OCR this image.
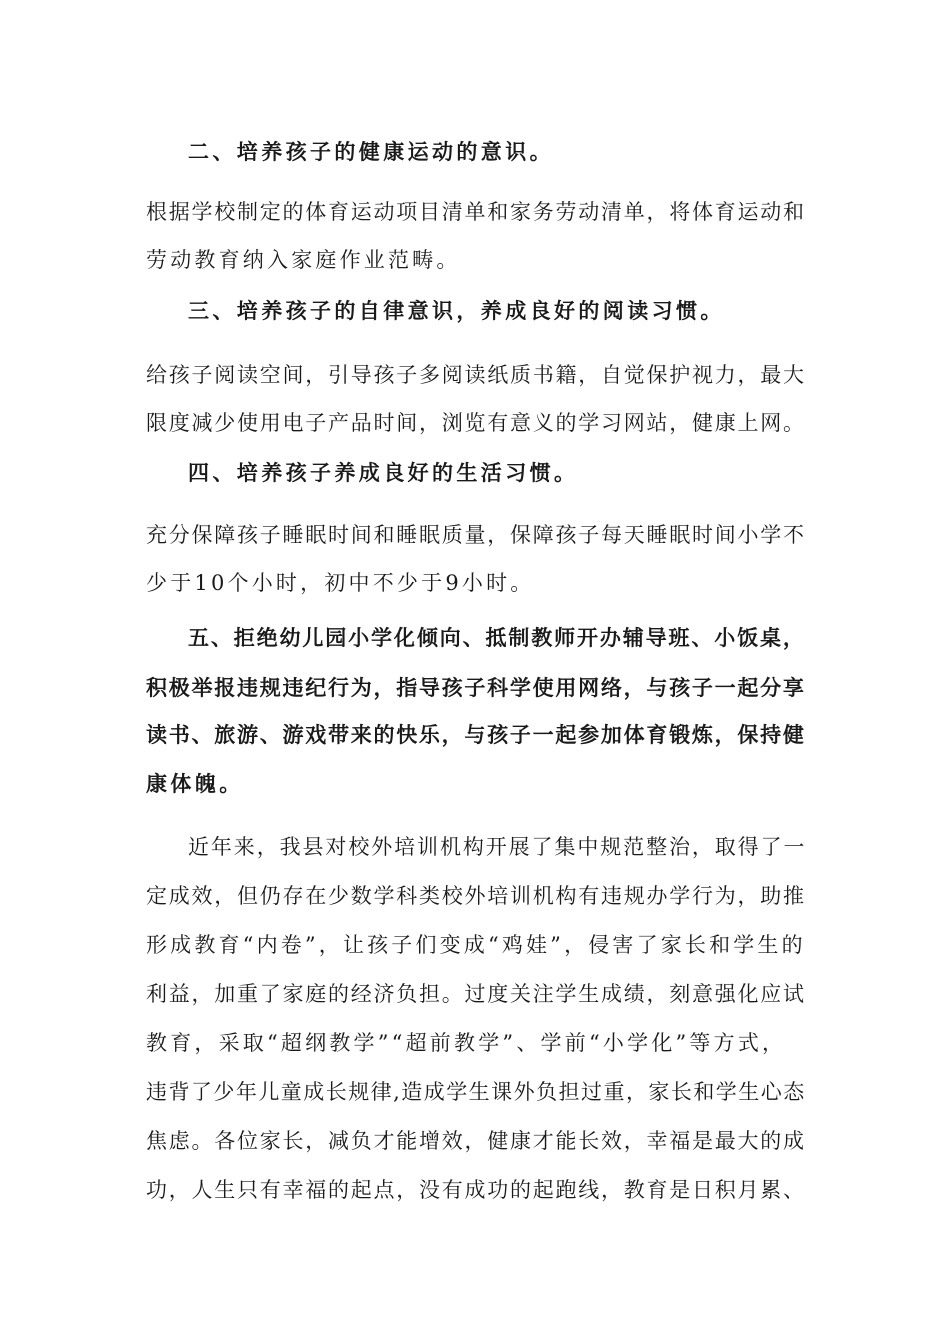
二、培养孩子的健康运动的意识。
根据学校制定的体育运动项目清单和家务劳动清单，将体育运动和
劳动教育纳入家庭作业范畴。
三、培养孩子的自律意识，养成良好的阅读习惯。
给孩子阅读空间，引导孩子多阅读纸质书籍，自觉保护视力，最大
限度减少使用电子产品时间，浏览有意义的学习网站，健康上网。
四、培养孩子养成良好的生活习惯。
充分保障孩子睡眠时间和睡眠质量，保障孩子每天睡眠时间小学不
少于10个小时，初中不少于9小时。
五、拒绝幼儿园小学化倾向、抵制教师开办辅导班、小饭桌，
积极举报违规违纪行为，指导孩子科学使用网络，与孩子一起分享
读书、旅游、游戏带来的快乐，与孩子一起参加体育锻炼，保持健
康体魄。
近年来，我县对校外培训机构开展了集中规范整治，取得了一
定成效，但仍存在少数学科类校外培训机构有违规办学行为，助推
形成教育“内卷”，让孩子们变成“鸡娃”，侵害了家长和学生的
利益，加重了家庭的经济负担。过度关注学生成绩，刻意强化应试
教育，采取“超纲教学”“超前教学”、学前“小学化”等方式，
违背了少年儿童成长规律,造成学生课外负担过重，家长和学生心态
焦虑。各位家长，减负才能增效，健康才能长效，幸福是最大的成
功，人生只有幸福的起点，没有成功的起跑线，教育是日积月累、
